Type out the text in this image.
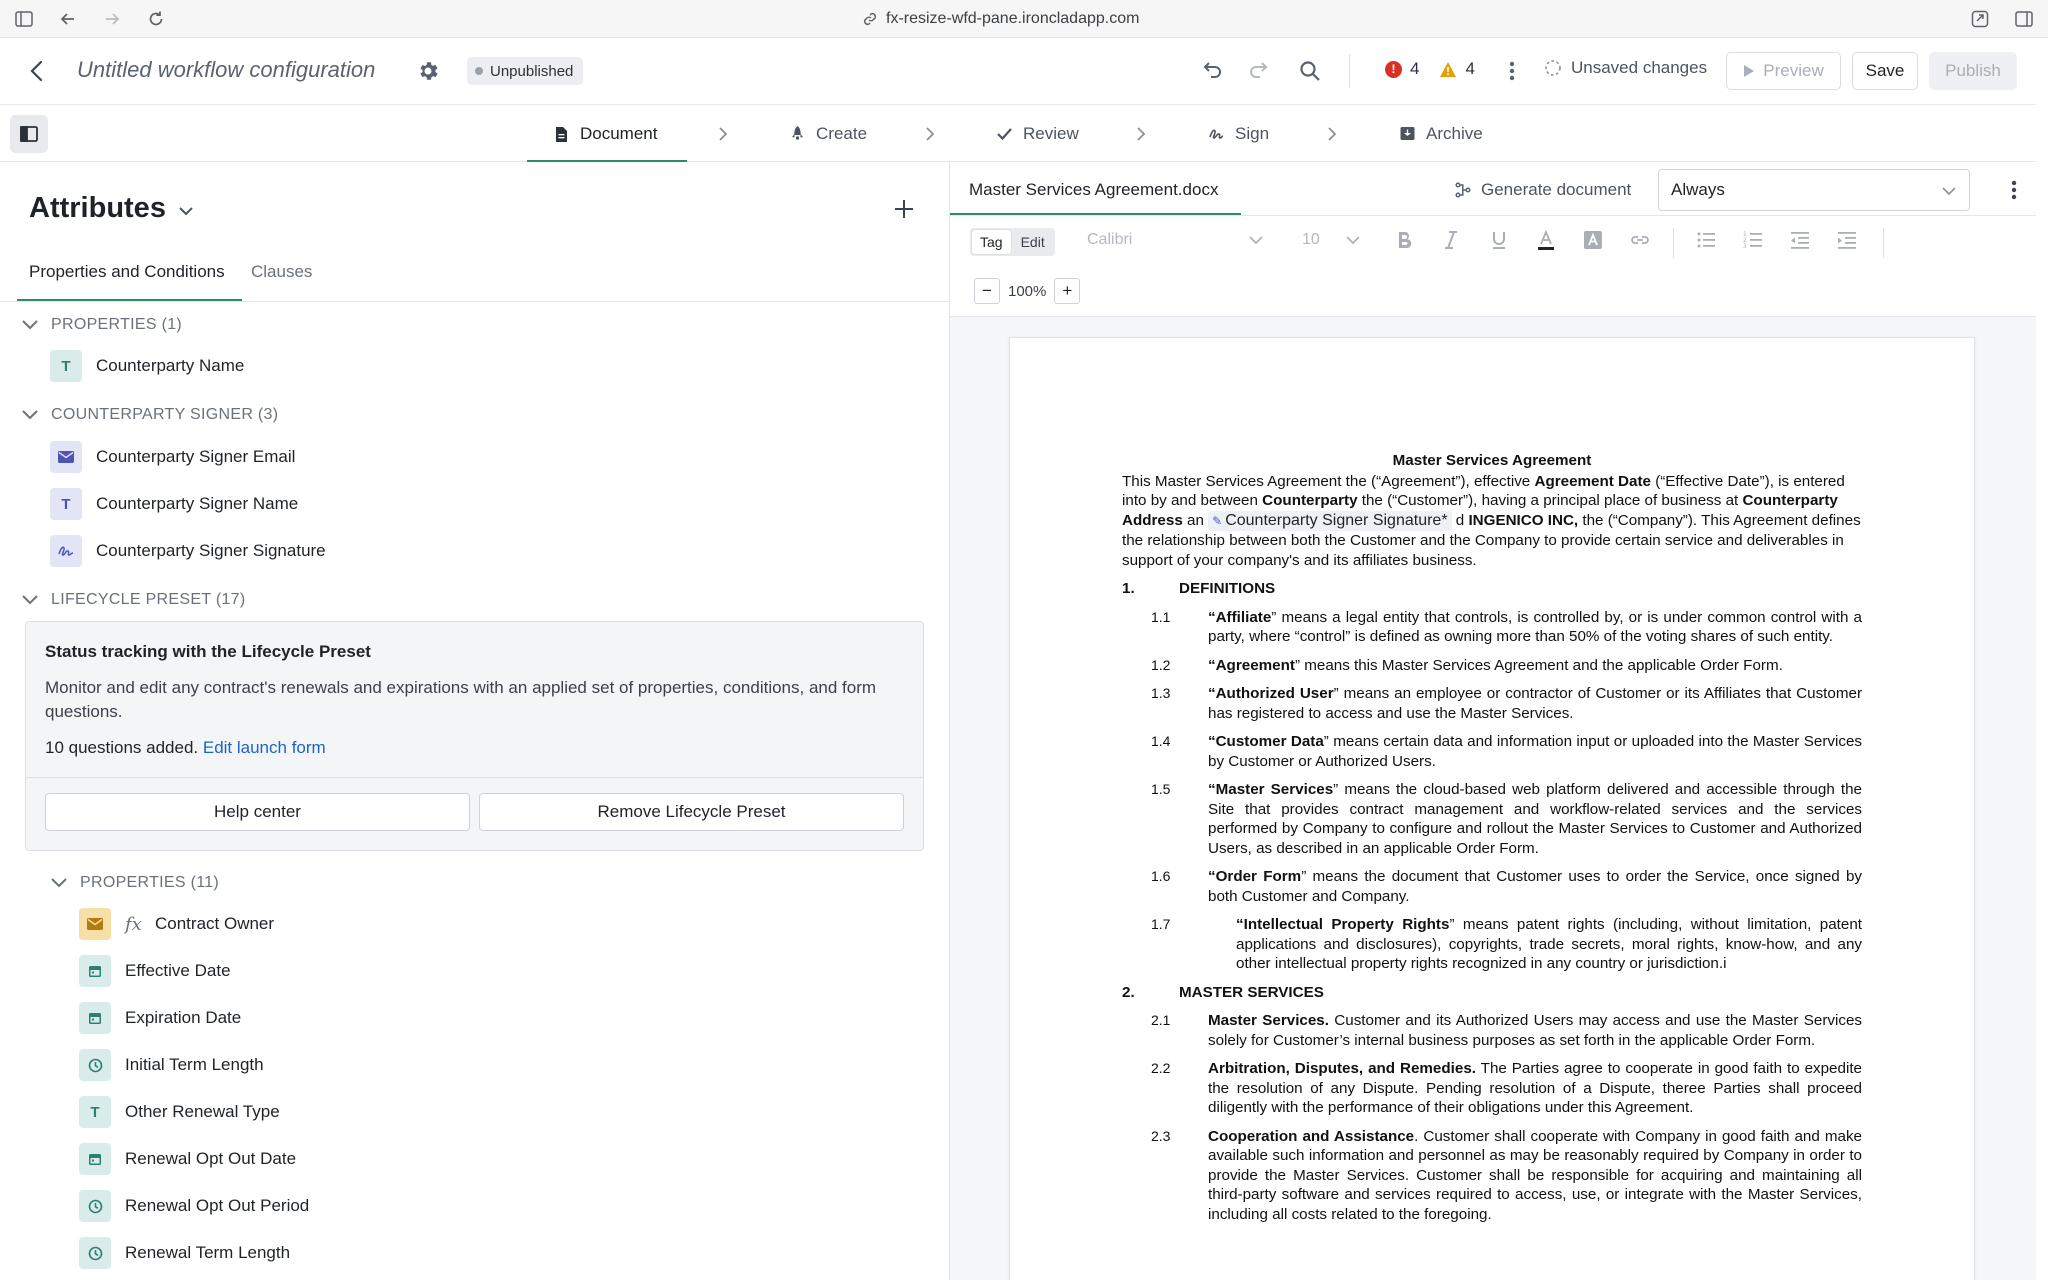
fx-resize-wfd-pane.ironcladapp.com
Untitled workflow configuration	Unpublished	! 4	4	Unsaved changes	Preview	Save	Publish
Document	Create	Review	Sign	Archive
Attributes
Properties and Conditions Clauses
PROPERTIES (1)
T	Counterparty Name
COUNTERPARTY SIGNER (3)
Counterparty Signer Email
T	Counterparty Signer Name
Counterparty Signer Signature
LIFECYCLE PRESET (17)
Status tracking with the Lifecycle Preset
Monitor and edit any contract's renewals and expirations with an applied set of properties, conditions, and form questions.
10 questions added. Edit launch form
Help center	Remove Lifecycle Preset
PROPERTIES (11)
fx Contract Owner
Effective Date
Expiration Date
Initial Term Length
T	Other Renewal Type
Renewal Opt Out Date
Renewal Opt Out Period
Renewal Term Length
Master Services Agreement.docx	Generate document Always
Tag	Edit	Calibri	10	1
2
3
−	100% +
Master Services Agreement
This Master Services Agreement the (“Agreement”), effective Agreement Date (“Effective Date”), is entered into by and between Counterparty the (“Customer”), having a principal place of business at Counterparty Address an ✎ Counterparty Signer Signature* d INGENICO INC, the (“Company”). This Agreement defines the relationship between both the Customer and the Company to provide certain service and deliverables in support of your company's and its affiliates business.
1.	DEFINITIONS
1.1	“Affiliate” means a legal entity that controls, is controlled by, or is under common control with a party, where “control” is defined as owning more than 50% of the voting shares of such entity.
1.2	“Agreement” means this Master Services Agreement and the applicable Order Form.
1.3	“Authorized User” means an employee or contractor of Customer or its Affiliates that Customer has registered to access and use the Master Services.
1.4	“Customer Data” means certain data and information input or uploaded into the Master Services by Customer or Authorized Users.
1.5	“Master Services” means the cloud-based web platform delivered and accessible through the Site that provides contract management and workflow-related services and the services performed by Company to configure and rollout the Master Services to Customer and Authorized Users, as described in an applicable Order Form.
1.6	“Order Form” means the document that Customer uses to order the Service, once signed by both Customer and Company.
1.7	“Intellectual Property Rights” means patent rights (including, without limitation, patent applications and disclosures), copyrights, trade secrets, moral rights, know-how, and any other intellectual property rights recognized in any country or jurisdiction.i
2.	MASTER SERVICES
2.1	Master Services. Customer and its Authorized Users may access and use the Master Services solely for Customer’s internal business purposes as set forth in the applicable Order Form.
2.2	Arbitration, Disputes, and Remedies. The Parties agree to cooperate in good faith to expedite the resolution of any Dispute. Pending resolution of a Dispute, theree Parties shall proceed diligently with the performance of their obligations under this Agreement.
2.3	Cooperation and Assistance. Customer shall cooperate with Company in good faith and make available such information and personnel as may be reasonably required by Company in order to provide the Master Services. Customer shall be responsible for acquiring and maintaining all third-party software and services required to access, use, or integrate with the Master Services, including all costs related to the foregoing.
